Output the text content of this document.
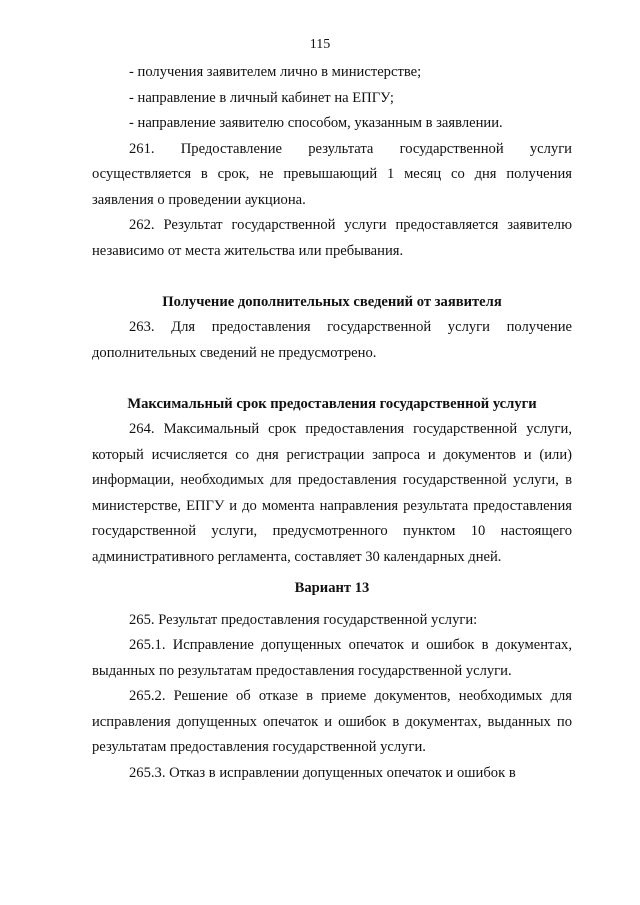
115

- получения заявителем лично в министерстве;

- направление в личный кабинет на ЕПГУ;

- направление заявителю способом, указанным в заявлении.

261. Предоставление результата государственной услуги осуществляется в срок, не превышающий 1 месяц со дня получения заявления о проведении аукциона.

262. Результат государственной услуги предоставляется заявителю независимо от места жительства или пребывания.

Получение дополнительных сведений от заявителя

263. Для предоставления государственной услуги получение дополнительных сведений не предусмотрено.

Максимальный срок предоставления государственной услуги

264. Максимальный срок предоставления государственной услуги, который исчисляется со дня регистрации запроса и документов и (или) информации, необходимых для предоставления государственной услуги, в министерстве, ЕПГУ и до момента направления результата предоставления государственной услуги, предусмотренного пунктом 10 настоящего административного регламента, составляет 30 календарных дней.

Вариант 13

265. Результат предоставления государственной услуги:

265.1. Исправление допущенных опечаток и ошибок в документах, выданных по результатам предоставления государственной услуги.

265.2. Решение об отказе в приеме документов, необходимых для исправления допущенных опечаток и ошибок в документах, выданных по результатам предоставления государственной услуги.

265.3. Отказ в исправлении допущенных опечаток и ошибок в
